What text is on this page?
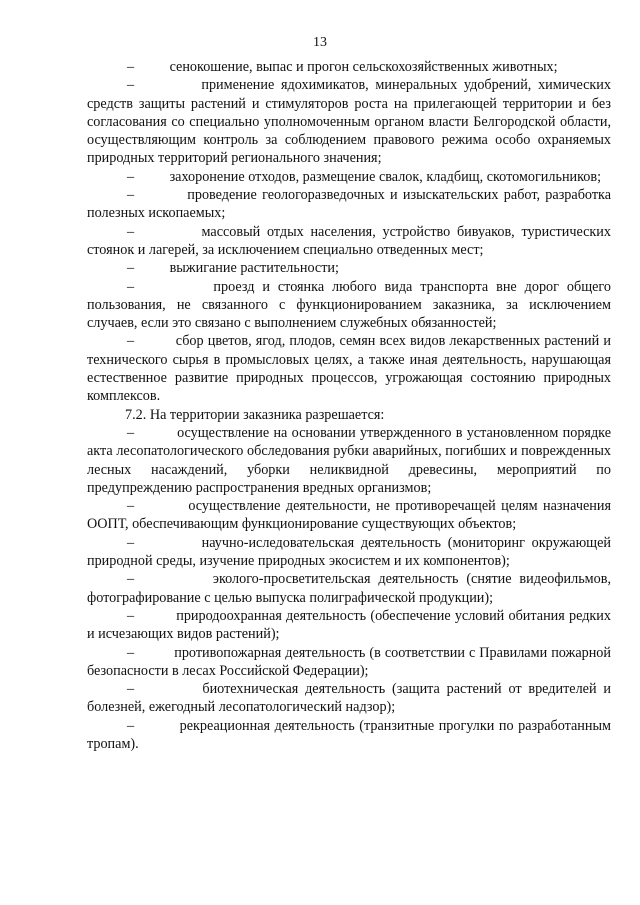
13

–          сенокошение, выпас и прогон сельскохозяйственных животных;

–          применение ядохимикатов, минеральных удобрений, химических средств защиты растений и стимуляторов роста на прилегающей территории и без согласования со специально уполномоченным органом власти Белгородской области, осуществляющим контроль за соблюдением правового режима особо охраняемых природных территорий регионального значения;

–          захоронение отходов, размещение свалок, кладбищ, скотомогильников;

–          проведение геологоразведочных и изыскательских работ, разработка полезных ископаемых;

–          массовый отдых населения, устройство бивуаков, туристических стоянок и лагерей, за исключением специально отведенных мест;

–          выжигание растительности;

–          проезд и стоянка любого вида транспорта вне дорог общего пользования, не связанного с функционированием заказника, за исключением случаев, если это связано с выполнением служебных обязанностей;

–          сбор цветов, ягод, плодов, семян всех видов лекарственных растений и технического сырья в промысловых целях, а также иная деятельность, нарушающая естественное развитие природных процессов, угрожающая состоянию природных комплексов.

7.2. На территории заказника разрешается:

–          осуществление на основании утвержденного в установленном порядке акта лесопатологического обследования рубки аварийных, погибших и поврежденных лесных насаждений, уборки неликвидной древесины, мероприятий по предупреждению распространения вредных организмов;

–          осуществление деятельности, не противоречащей целям назначения ООПТ, обеспечивающим функционирование существующих объектов;

–          научно-иследовательская деятельность (мониторинг окружающей природной среды, изучение природных экосистем и их компонентов);

–          эколого-просветительская деятельность (снятие видеофильмов, фотографирование с целью выпуска полиграфической продукции);

–          природоохранная деятельность (обеспечение условий обитания редких и исчезающих видов растений);

–          противопожарная деятельность (в соответствии с Правилами пожарной безопасности в лесах Российской Федерации);

–          биотехническая деятельность (защита растений от вредителей и болезней, ежегодный лесопатологический надзор);

–          рекреационная деятельность (транзитные прогулки по разработанным тропам).
